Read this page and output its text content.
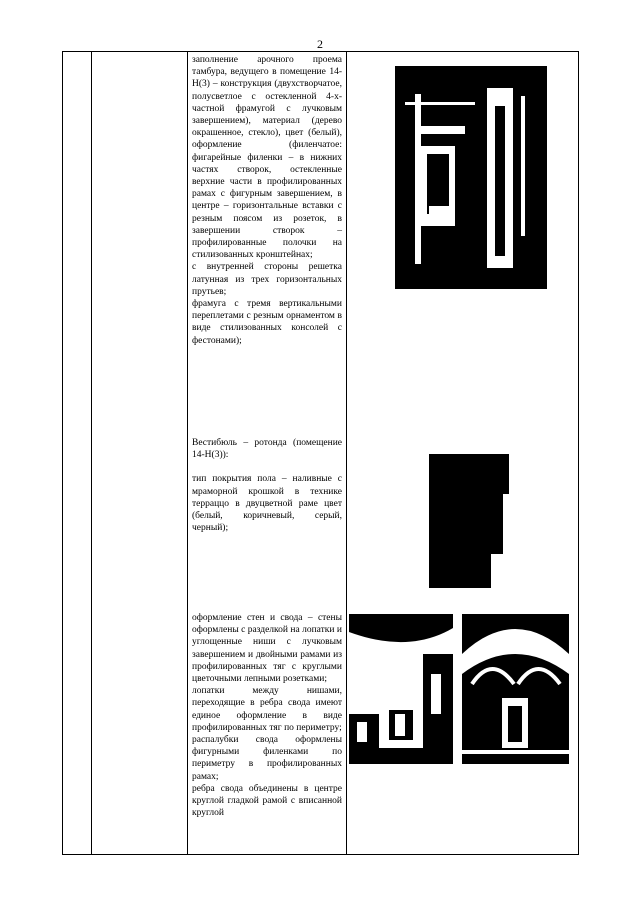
2

заполнение арочного проема тамбура, ведущего в помещение 14-Н(3) – конструкция (двухстворчатое, полусветлое с остекленной 4-х-частной фрамугой с лучковым завершением), материал (дерево окрашенное, стекло), цвет (белый), оформление (филенчатое: фигарейные филенки – в нижних частях створок, остекленные верхние части в профилированных рамах с фигурным завершением, в центре – горизонтальные вставки с резным поясом из розеток, в завершении створок – профилированные полочки на стилизованных кронштейнах;

с внутренней стороны решетка латунная из трех горизонтальных прутьев;

фрамуга с тремя вертикальными переплетами с резным орнаментом в виде стилизованных консолей с фестонами);

Вестибюль – ротонда (помещение 14-Н(3)):

тип покрытия пола – наливные с мраморной крошкой в технике терраццо в двуцветной раме цвет (белый, коричневый, серый, черный);

оформление стен и свода – стены оформлены с разделкой на лопатки и углощенные ниши с лучковым завершением и двойными рамами из профилированных тяг с круглыми цветочными лепными розетками;

лопатки между нишами, переходящие в ребра свода имеют единое оформление в виде профилированных тяг по периметру;

распалубки свода оформлены фигурными филенками по периметру в профилированных рамах;

ребра свода объединены в центре круглой гладкой рамой с вписанной круглой
